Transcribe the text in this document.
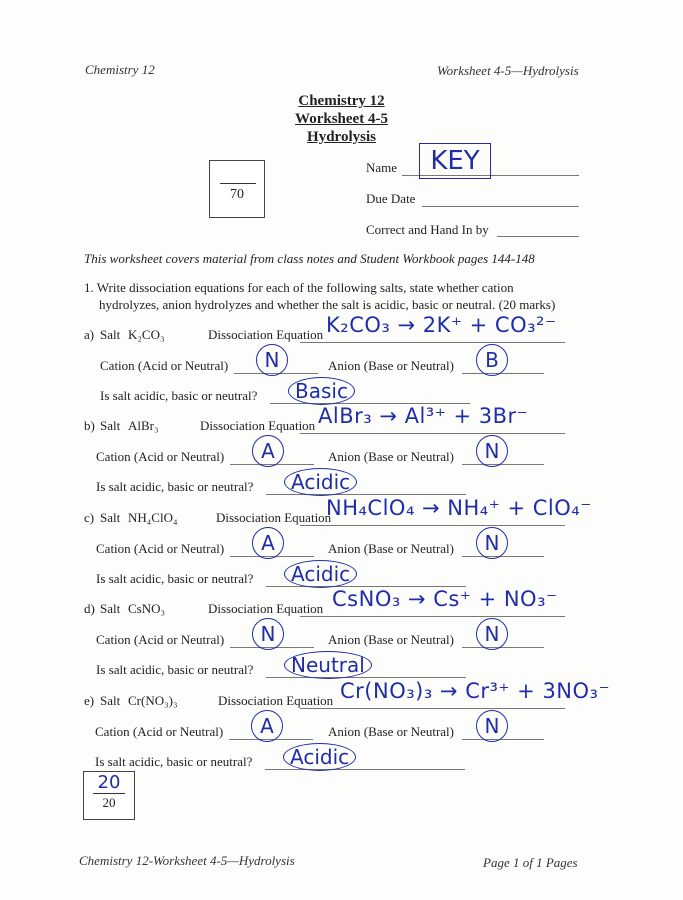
Chemistry 12	Worksheet 4-5—Hydrolysis
Chemistry 12
Worksheet 4-5
Hydrolysis
70
Name	KEY
Due Date
Correct and Hand In by
This worksheet covers material from class notes and Student Workbook pages 144-148
1. Write dissociation equations for each of the following salts, state whether cation
hydrolyzes, anion hydrolyzes and whether the salt is acidic, basic or neutral. (20 marks)
a) Salt K₂CO₃	Dissociation Equation K₂CO₃ → 2K⁺ + CO₃²⁻
Cation (Acid or Neutral)	N	Anion (Base or Neutral)	B
Is salt acidic, basic or neutral?	Basic
b) Salt AlBr₃	Dissociation Equation AlBr₃ → Al³⁺ + 3Br⁻
Cation (Acid or Neutral)	A	Anion (Base or Neutral)	N
Is salt acidic, basic or neutral?	Acidic
c) Salt NH₄ClO₄	Dissociation Equation
NH₄ClO₄ → NH₄⁺ + ClO₄⁻
Cation (Acid or Neutral)	A	Anion (Base or Neutral)	N
Is salt acidic, basic or neutral?	Acidic
d) Salt CsNO₃	Dissociation Equation CsNO₃ → Cs⁺ + NO₃⁻
Cation (Acid or Neutral)	N	Anion (Base or Neutral)	N
Is salt acidic, basic or neutral?	Neutral
e) Salt Cr(NO₃)₃	Dissociation Equation Cr(NO₃)₃ → Cr³⁺ + 3NO₃⁻
Cation (Acid or Neutral)	A	Anion (Base or Neutral)	N
Is salt acidic, basic or neutral?	Acidic
20
20
Chemistry 12-Worksheet 4-5—Hydrolysis	Page 1 of 1 Pages
